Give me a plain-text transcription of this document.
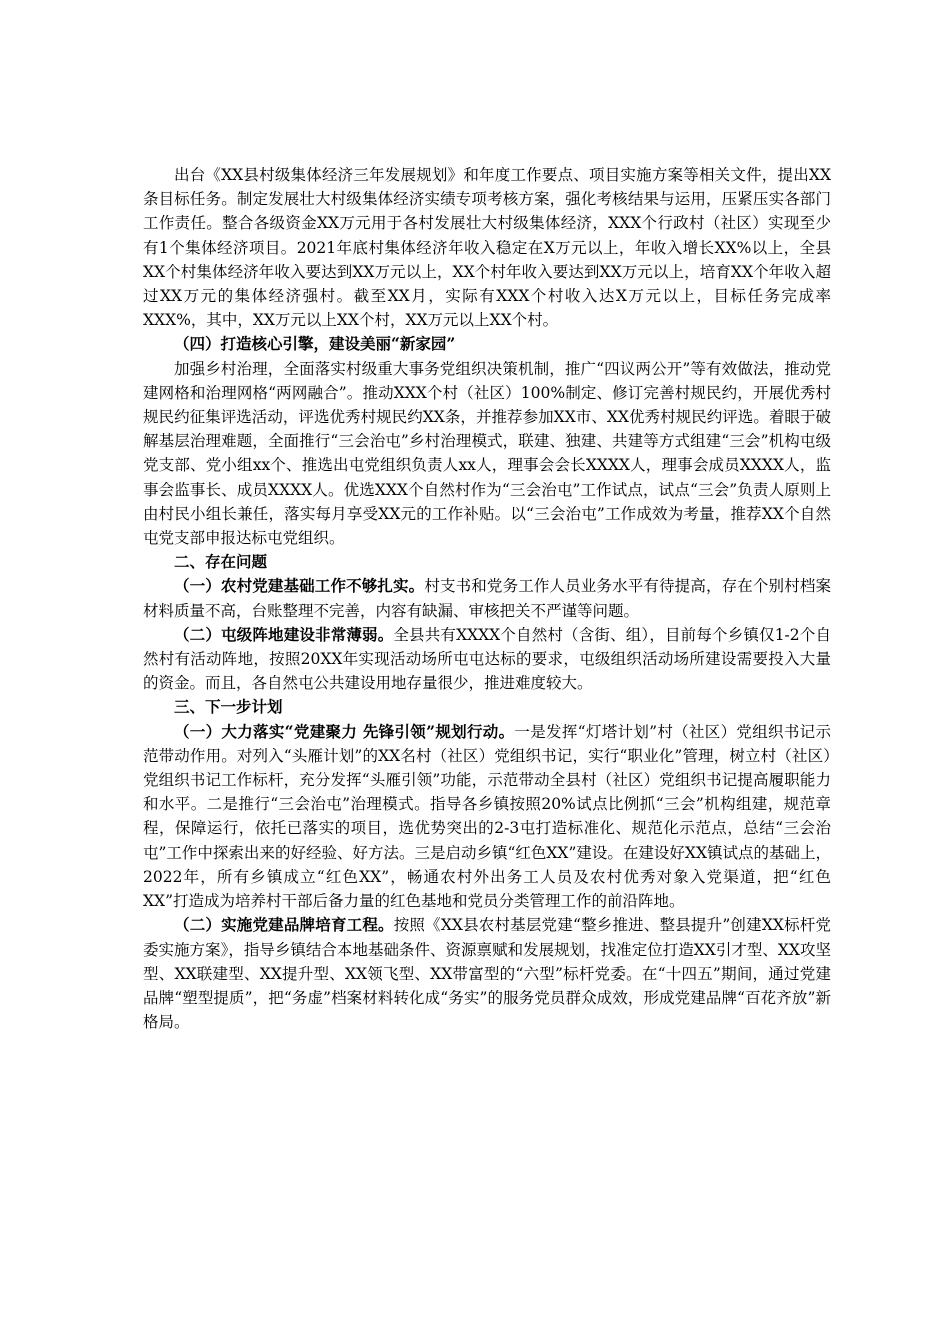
出台《XX县村级集体经济三年发展规划》和年度工作要点、项目实施方案等相关文件，提出XX条目标任务。制定发展壮大村级集体经济实绩专项考核方案，强化考核结果与运用，压紧压实各部门工作责任。整合各级资金XX万元用于各村发展壮大村级集体经济，XXX个行政村（社区）实现至少有1个集体经济项目。2021年底村集体经济年收入稳定在X万元以上，年收入增长XX%以上，全县XX个村集体经济年收入要达到XX万元以上，XX个村年收入要达到XX万元以上，培育XX个年收入超过XX万元的集体经济强村。截至XX月，实际有XXX个村收入达X万元以上，目标任务完成率XXX%，其中，XX万元以上XX个村，XX万元以上XX个村。

（四）打造核心引擎，建设美丽“新家园”

加强乡村治理，全面落实村级重大事务党组织决策机制，推广“四议两公开”等有效做法，推动党建网格和治理网格“两网融合”。推动XXX个村（社区）100%制定、修订完善村规民约，开展优秀村规民约征集评选活动，评选优秀村规民约XX条，并推荐参加XX市、XX优秀村规民约评选。着眼于破解基层治理难题，全面推行“三会治屯”乡村治理模式，联建、独建、共建等方式组建“三会”机构屯级党支部、党小组xx个、推选出屯党组织负责人xx人，理事会会长XXXX人，理事会成员XXXX人，监事会监事长、成员XXXX人。优选XXX个自然村作为“三会治屯”工作试点，试点“三会”负责人原则上由村民小组长兼任，落实每月享受XX元的工作补贴。以“三会治屯”工作成效为考量，推荐XX个自然屯党支部申报达标屯党组织。

二、存在问题

（一）农村党建基础工作不够扎实。村支书和党务工作人员业务水平有待提高，存在个别村档案材料质量不高，台账整理不完善，内容有缺漏、审核把关不严谨等问题。

（二）屯级阵地建设非常薄弱。全县共有XXXX个自然村（含街、组），目前每个乡镇仅1-2个自然村有活动阵地，按照20XX年实现活动场所屯屯达标的要求，屯级组织活动场所建设需要投入大量的资金。而且，各自然屯公共建设用地存量很少，推进难度较大。

三、下一步计划

（一）大力落实“党建聚力 先锋引领”规划行动。一是发挥“灯塔计划”村（社区）党组织书记示范带动作用。对列入“头雁计划”的XX名村（社区）党组织书记，实行“职业化”管理，树立村（社区）党组织书记工作标杆，充分发挥“头雁引领”功能，示范带动全县村（社区）党组织书记提高履职能力和水平。二是推行“三会治屯”治理模式。指导各乡镇按照20%试点比例抓“三会”机构组建，规范章程，保障运行，依托已落实的项目，选优势突出的2-3屯打造标准化、规范化示范点，总结“三会治屯”工作中探索出来的好经验、好方法。三是启动乡镇“红色XX”建设。在建设好XX镇试点的基础上，2022年，所有乡镇成立“红色XX”，畅通农村外出务工人员及农村优秀对象入党渠道，把“红色XX”打造成为培养村干部后备力量的红色基地和党员分类管理工作的前沿阵地。

（二）实施党建品牌培育工程。按照《XX县农村基层党建“整乡推进、整县提升”创建XX标杆党委实施方案》，指导乡镇结合本地基础条件、资源禀赋和发展规划，找准定位打造XX引才型、XX攻坚型、XX联建型、XX提升型、XX领飞型、XX带富型的“六型”标杆党委。在“十四五”期间，通过党建品牌“塑型提质”，把“务虚”档案材料转化成“务实”的服务党员群众成效，形成党建品牌“百花齐放”新格局。
